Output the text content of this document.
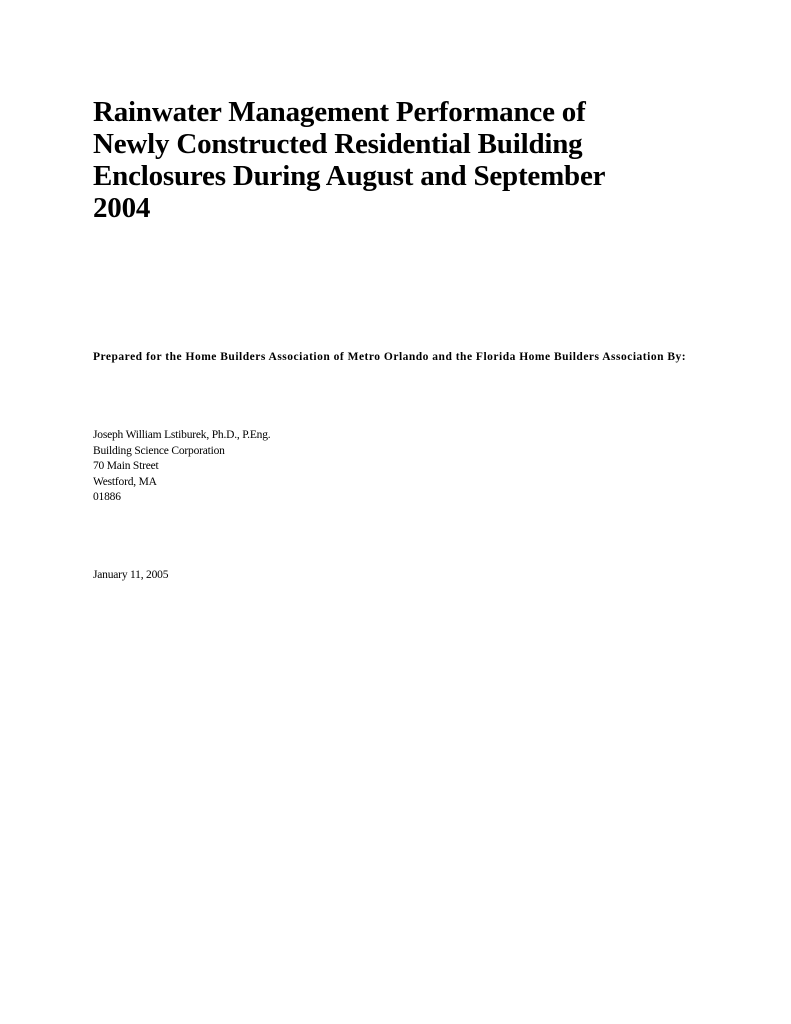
Rainwater Management Performance of
Newly Constructed Residential Building
Enclosures During August and September
2004

Prepared for the Home Builders Association of Metro Orlando and the Florida Home Builders Association By:

Joseph William Lstiburek, Ph.D., P.Eng.
Building Science Corporation
70 Main Street
Westford, MA
01886

January 11, 2005
